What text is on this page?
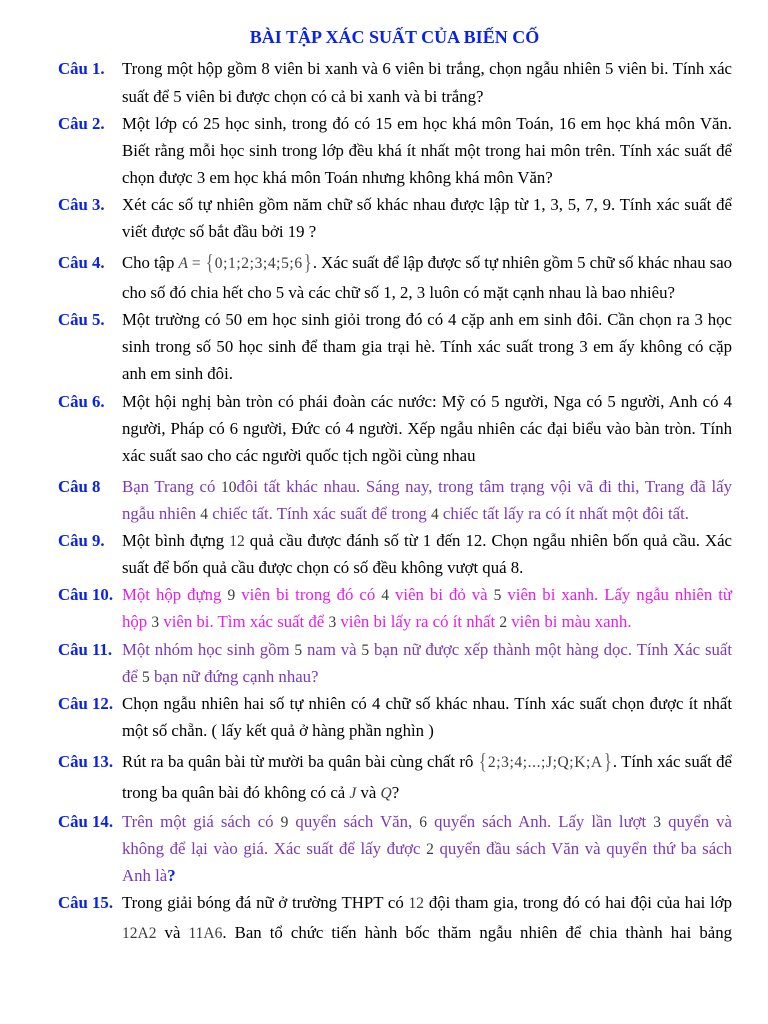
BÀI TẬP XÁC SUẤT CỦA BIẾN CỐ
Câu 1. Trong một hộp gồm 8 viên bi xanh và 6 viên bi trắng, chọn ngẫu nhiên 5 viên bi. Tính xác
suất để 5 viên bi được chọn có cả bi xanh và bi trắng?
Câu 2. Một lớp có 25 học sinh, trong đó có 15 em học khá môn Toán, 16 em học khá môn Văn.
Biết rằng mỗi học sinh trong lớp đều khá ít nhất một trong hai môn trên. Tính xác suất để
chọn được 3 em học khá môn Toán nhưng không khá môn Văn?
Câu 3. Xét các số tự nhiên gồm năm chữ số khác nhau được lập từ 1, 3, 5, 7, 9. Tính xác suất để
viết được số bắt đầu bởi 19 ?
Câu 4. Cho tập A = {0;1;2;3;4;5;6}. Xác suất để lập được số tự nhiên gồm 5 chữ số khác nhau sao
cho số đó chia hết cho 5 và các chữ số 1, 2, 3 luôn có mặt cạnh nhau là bao nhiêu?
Câu 5. Một trường có 50 em học sinh giỏi trong đó có 4 cặp anh em sinh đôi. Cần chọn ra 3 học
sinh trong số 50 học sinh để tham gia trại hè. Tính xác suất trong 3 em ấy không có cặp
anh em sinh đôi.
Câu 6. Một hội nghị bàn tròn có phái đoàn các nước: Mỹ có 5 người, Nga có 5 người, Anh có 4
người, Pháp có 6 người, Đức có 4 người. Xếp ngẫu nhiên các đại biểu vào bàn tròn. Tính
xác suất sao cho các người quốc tịch ngồi cùng nhau
Câu 8 Bạn Trang có 10đôi tất khác nhau. Sáng nay, trong tâm trạng vội vã đi thi, Trang đã lấy
ngẫu nhiên 4 chiếc tất. Tính xác suất để trong 4 chiếc tất lấy ra có ít nhất một đôi tất.
Câu 9. Một bình đựng 12 quả cầu được đánh số từ 1 đến 12. Chọn ngẫu nhiên bốn quả cầu. Xác
suất để bốn quả cầu được chọn có số đều không vượt quá 8.
Câu 10. Một hộp đựng 9 viên bi trong đó có 4 viên bi đỏ và 5 viên bi xanh. Lấy ngẫu nhiên từ
hộp 3 viên bi. Tìm xác suất để 3 viên bi lấy ra có ít nhất 2 viên bi màu xanh.
Câu 11. Một nhóm học sinh gồm 5 nam và 5 bạn nữ được xếp thành một hàng dọc. Tính Xác suất
để 5 bạn nữ đứng cạnh nhau?
Câu 12. Chọn ngẫu nhiên hai số tự nhiên có 4 chữ số khác nhau. Tính xác suất chọn được ít nhất
một số chẵn. ( lấy kết quả ở hàng phần nghìn )
Câu 13. Rút ra ba quân bài từ mười ba quân bài cùng chất rô {2;3;4;...;J;Q;K;A}. Tính xác suất để
trong ba quân bài đó không có cả J và Q?
Câu 14. Trên một giá sách có 9 quyển sách Văn, 6 quyển sách Anh. Lấy lần lượt 3 quyển và
không để lại vào giá. Xác suất để lấy được 2 quyển đầu sách Văn và quyển thứ ba sách
Anh là?
Câu 15. Trong giải bóng đá nữ ở trường THPT có 12 đội tham gia, trong đó có hai đội của hai lớp
12A2 và 11A6. Ban tổ chức tiến hành bốc thăm ngẫu nhiên để chia thành hai bảng
